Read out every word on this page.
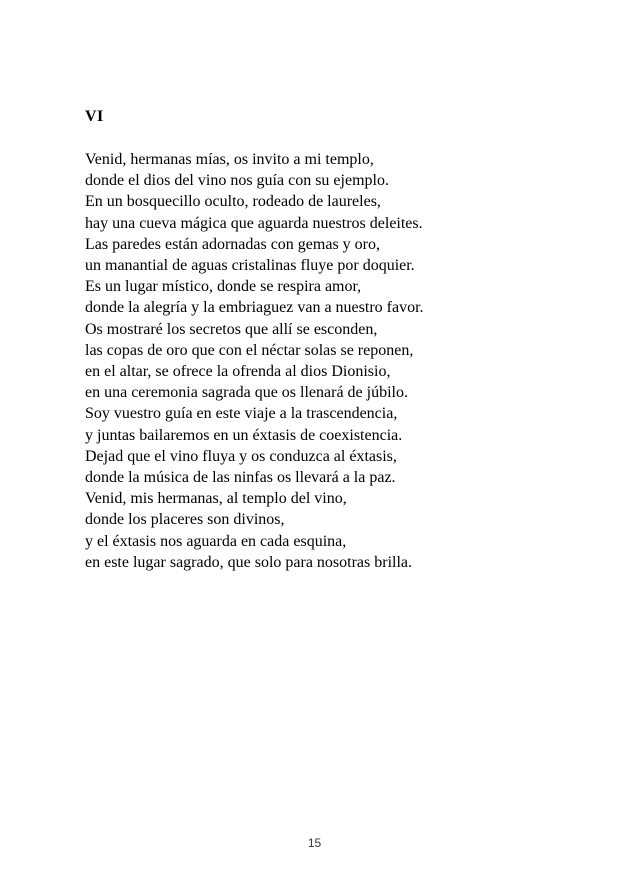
VI
Venid, hermanas mías, os invito a mi templo,
donde el dios del vino nos guía con su ejemplo.
En un bosquecillo oculto, rodeado de laureles,
hay una cueva mágica que aguarda nuestros deleites.
Las paredes están adornadas con gemas y oro,
un manantial de aguas cristalinas fluye por doquier.
Es un lugar místico, donde se respira amor,
donde la alegría y la embriaguez van a nuestro favor.
Os mostraré los secretos que allí se esconden,
las copas de oro que con el néctar solas se reponen,
en el altar, se ofrece la ofrenda al dios Dionisio,
en una ceremonia sagrada que os llenará de júbilo.
Soy vuestro guía en este viaje a la trascendencia,
y juntas bailaremos en un éxtasis de coexistencia.
Dejad que el vino fluya y os conduzca al éxtasis,
donde la música de las ninfas os llevará a la paz.
Venid, mis hermanas, al templo del vino,
donde los placeres son divinos,
y el éxtasis nos aguarda en cada esquina,
en este lugar sagrado, que solo para nosotras brilla.
15
